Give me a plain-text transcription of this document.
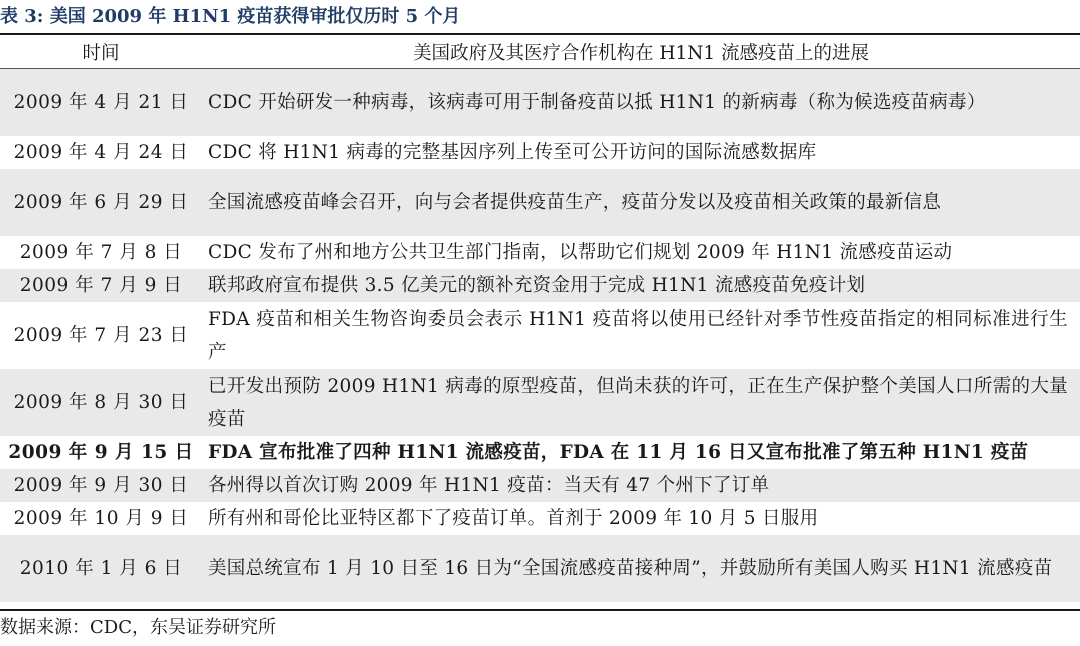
表 3: 美国 2009 年 H1N1 疫苗获得审批仅历时 5 个月
时间	美国政府及其医疗合作机构在 H1N1 流感疫苗上的进展
2009 年 4 月 21 日	CDC 开始研发一种病毒，该病毒可用于制备疫苗以抵 H1N1 的新病毒（称为候选疫苗病毒）
2009 年 4 月 24 日	CDC 将 H1N1 病毒的完整基因序列上传至可公开访问的国际流感数据库
2009 年 6 月 29 日	全国流感疫苗峰会召开，向与会者提供疫苗生产，疫苗分发以及疫苗相关政策的最新信息
2009 年 7 月 8 日	CDC 发布了州和地方公共卫生部门指南，以帮助它们规划 2009 年 H1N1 流感疫苗运动
2009 年 7 月 9 日	联邦政府宣布提供 3.5 亿美元的额补充资金用于完成 H1N1 流感疫苗免疫计划
2009 年 7 月 23 日	FDA 疫苗和相关生物咨询委员会表示 H1N1 疫苗将以使用已经针对季节性疫苗指定的相同标准进行生产
2009 年 8 月 30 日	已开发出预防 2009 H1N1 病毒的原型疫苗，但尚未获的许可，正在生产保护整个美国人口所需的大量疫苗
2009 年 9 月 15 日	FDA 宣布批准了四种 H1N1 流感疫苗，FDA 在 11 月 16 日又宣布批准了第五种 H1N1 疫苗
2009 年 9 月 30 日	各州得以首次订购 2009 年 H1N1 疫苗：当天有 47 个州下了订单
2009 年 10 月 9 日	所有州和哥伦比亚特区都下了疫苗订单。首剂于 2009 年 10 月 5 日服用
2010 年 1 月 6 日	美国总统宣布 1 月 10 日至 16 日为“全国流感疫苗接种周”，并鼓励所有美国人购买 H1N1 流感疫苗
数据来源：CDC，东吴证券研究所
